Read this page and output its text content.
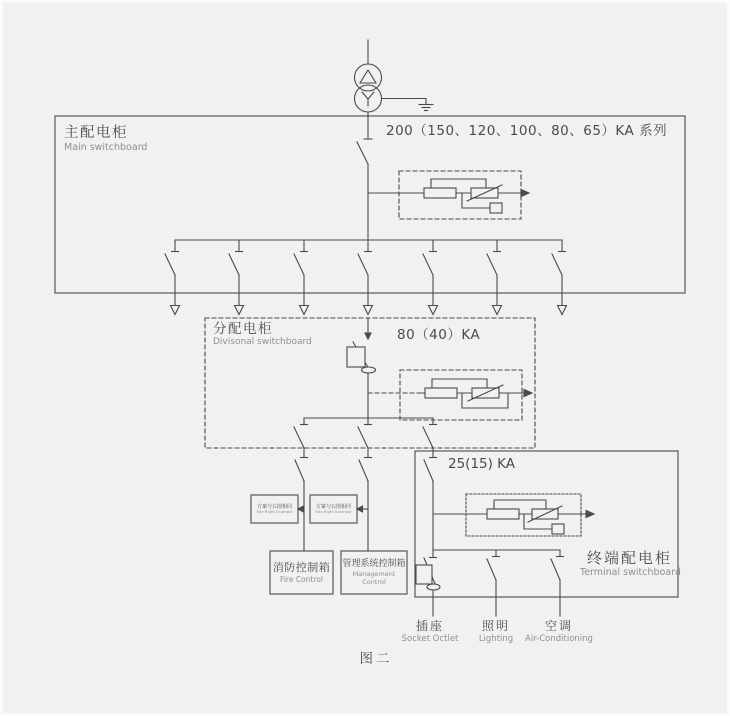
主配电柜
Main switchboard
200（150、120、100、80、65）KA 系列
分配电柜
Divisonal switchboard	80（40）KA
25(15) KA
终端配电柜
Terminal switchboard
方案与右图相同
See Right Example
方案与右图相同
See Right Example
消防控制箱
Fire Control
管理系统控制箱
Management Control
插座
Socket Octlet
照明
Lighting
空调
Air-Conditioning
图二
